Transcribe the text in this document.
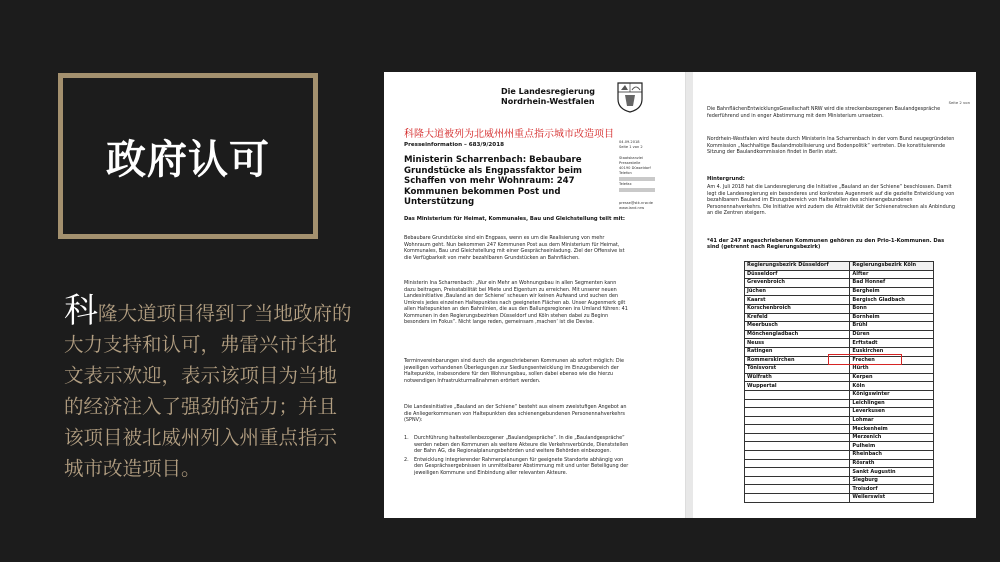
政府认可
科隆大道项目得到了当地政府的大力支持和认可，弗雷兴市长批文表示欢迎，表示该项目为当地的经济注入了强劲的活力；并且该项目被北威州列入州重点指示城市改造项目。
Die Landesregierung
Nordrhein-Westfalen
科隆大道被列为北威州州重点指示城市改造项目
Presseinformation – 683/9/2018
Ministerin Scharrenbach: Bebaubare Grundstücke als Engpassfaktor beim Schaffen von mehr Wohnraum: 247 Kommunen bekommen Post und Unterstützung
04.09.2018
Seite 1 von 2
Staatskanzlei
Pressestelle
40190 Düsseldorf
Telefon
Telefax
presse@stk.nrw.de
www.land.nrw
Das Ministerium für Heimat, Kommunales, Bau und Gleichstellung teilt mit:
Bebaubare Grundstücke sind ein Engpass, wenn es um die Realisierung von mehr Wohnraum geht. Nun bekommen 247 Kommunen Post aus dem Ministerium für Heimat, Kommunales, Bau und Gleichstellung mit einer Gesprächseinladung. Ziel der Offensive ist die Verfügbarkeit von mehr bezahlbaren Grundstücken an Bahnflächen.
Ministerin Ina Scharrenbach: „Nur ein Mehr an Wohnungsbau in allen Segmenten kann dazu beitragen, Preisstabilität bei Miete und Eigentum zu erreichen. Mit unserer neuen Landesinitiative ‚Bauland an der Schiene‘ scheuen wir keinen Aufwand und suchen den Umkreis jedes einzelnen Haltepunktes nach geeigneten Flächen ab. Unser Augenmerk gilt allen Haltepunkten an den Bahnlinien, die aus den Ballungsregionen ins Umland führen: 41 Kommunen in den Regierungsbezirken Düsseldorf und Köln stehen dabei zu Beginn besonders im Fokus“. Nicht lange reden, gemeinsam ‚machen‘ ist die Devise.
Terminvereinbarungen sind durch die angeschriebenen Kommunen ab sofort möglich: Die jeweiligen vorhandenen Überlegungen zur Siedlungsentwicklung im Einzugsbereich der Haltepunkte, insbesondere für den Wohnungsbau, sollen dabei ebenso wie die hierzu notwendigen Infrastrukturmaßnahmen erörtert werden.
Die Landesinitiative „Bauland an der Schiene“ besteht aus einem zweistufigen Angebot an die Anliegerkommunen von Haltepunkten des schienengebundenen Personennahverkehrs (SPNV):
1.	Durchführung haltestellenbezogener „Baulandgespräche“. In die „Baulandgespräche“ werden neben den Kommunen als weitere Akteure die Verkehrsverbünde, Dienststellen der Bahn AG, die Regionalplanungsbehörden und weitere Behörden einbezogen.
2.	Entwicklung integrierender Rahmenplanungen für geeignete Standorte abhängig von den Gesprächsergebnissen in unmittelbarer Abstimmung mit und unter Beteiligung der jeweiligen Kommune und Einbindung aller relevanten Akteure.
Seite 2 von
Die BahnflächenEntwicklungsGesellschaft NRW wird die streckenbezogenen Baulandgespräche federführend und in enger Abstimmung mit dem Ministerium umsetzen.
Nordrhein-Westfalen wird heute durch Ministerin Ina Scharrenbach in der vom Bund neugegründeten Kommission „Nachhaltige Baulandmobilisierung und Bodenpolitik“ vertreten. Die konstituierende Sitzung der Baulandkommission findet in Berlin statt.
Hintergrund:
Am 4. Juli 2018 hat die Landesregierung die Initiative „Bauland an der Schiene“ beschlossen. Damit legt die Landesregierung ein besonderes und konkretes Augenmerk auf die gezielte Entwicklung von bezahlbarem Bauland im Einzugsbereich von Haltestellen des schienengebundenen Personennahverkehrs. Die Initiative wird zudem die Attraktivität der Schienenstrecken als Anbindung an die Zentren steigern.
*41 der 247 angeschriebenen Kommunen gehören zu den Prio-1-Kommunen. Das sind (getrennt nach Regierungsbezirk)
Regierungsbezirk Düsseldorf	Regierungsbezirk Köln
Düsseldorf	Alfter
Grevenbroich	Bad Honnef
Jüchen	Bergheim
Kaarst	Bergisch Gladbach
Korschenbroich	Bonn
Krefeld	Bornheim
Meerbusch	Brühl
Mönchengladbach	Düren
Neuss	Erftstadt
Ratingen	Euskirchen
Rommerskirchen	Frechen
Tönisvorst	Hürth
Wülfrath	Kerpen
Wuppertal	Köln
	Königswinter
	Leichlingen
	Leverkusen
	Lohmar
	Meckenheim
	Merzenich
	Pulheim
	Rheinbach
	Rösrath
	Sankt Augustin
	Siegburg
	Troisdorf
	Weilerswist
